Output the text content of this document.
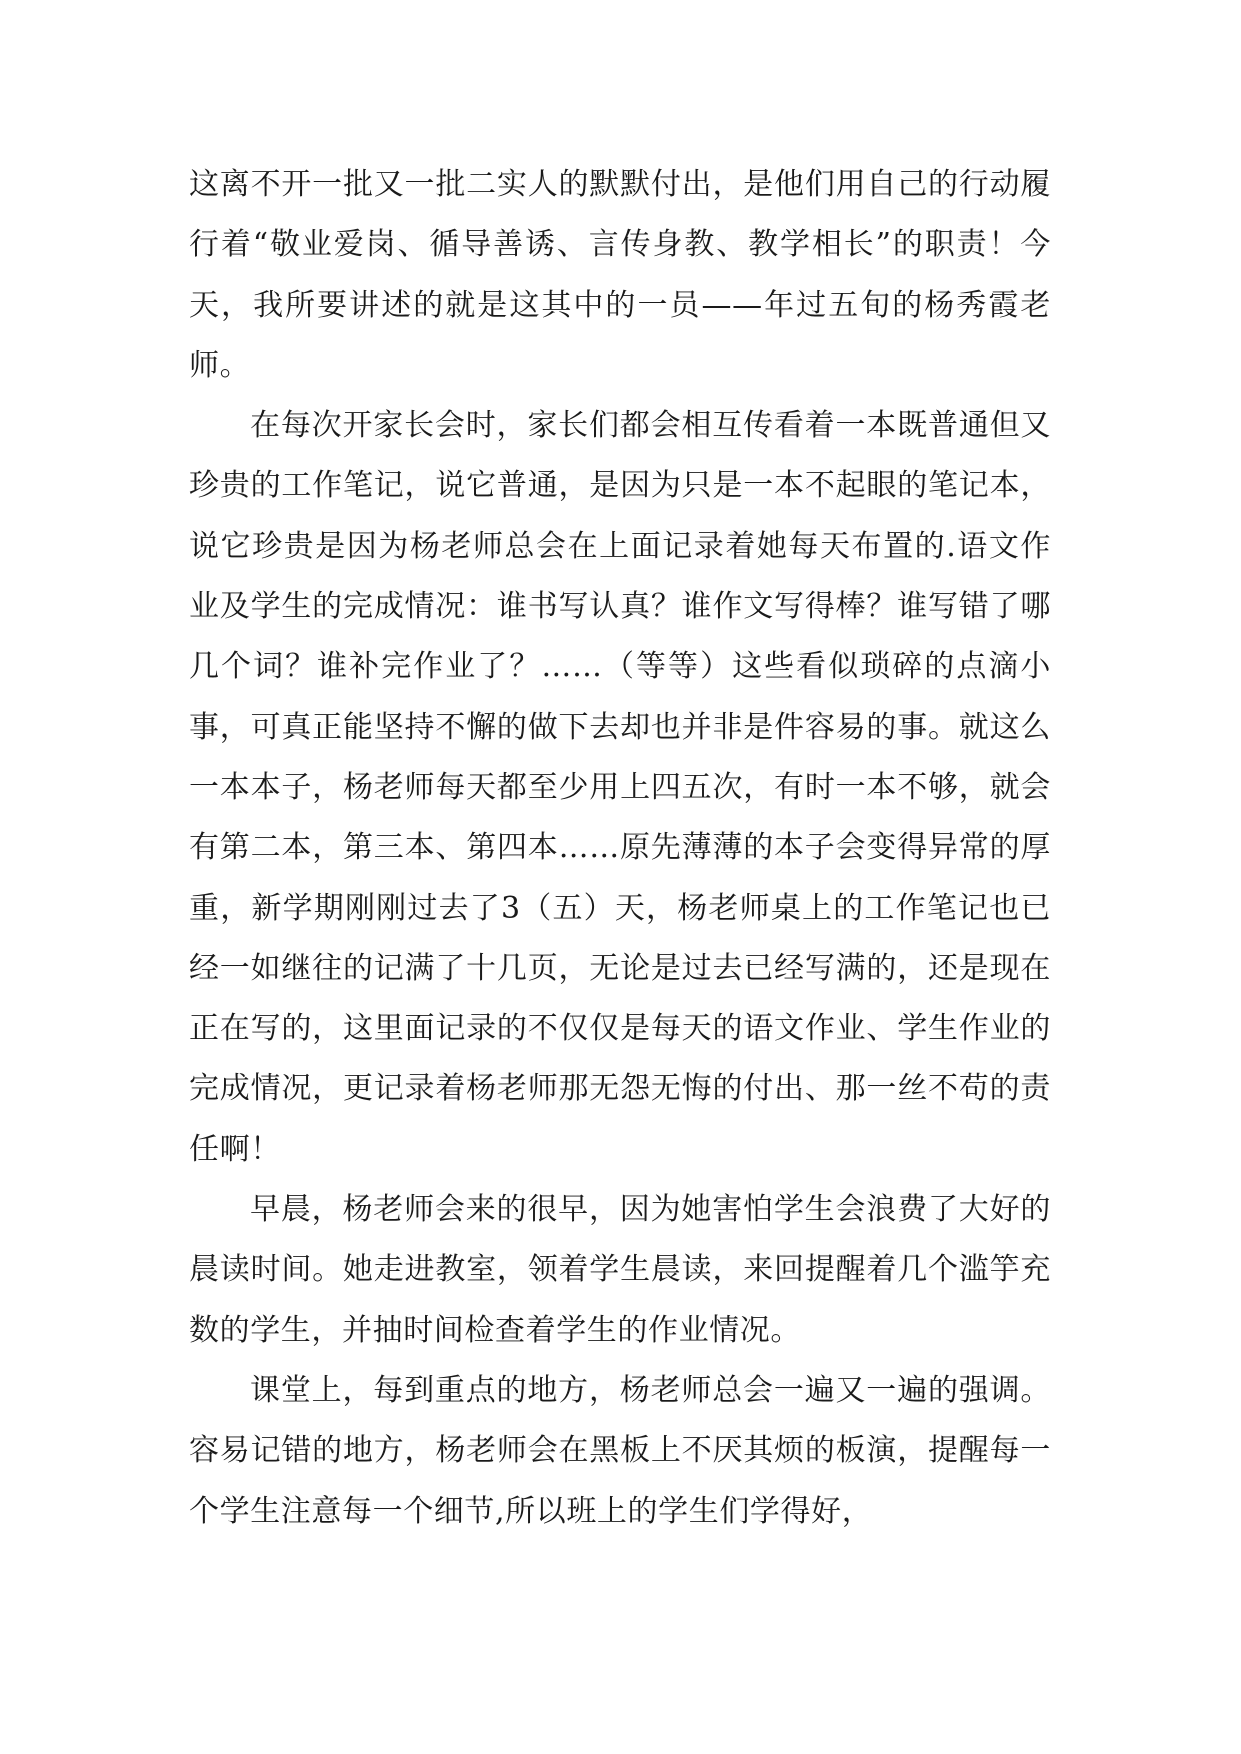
这离不开一批又一批二实人的默默付出，是他们用自己的行动履行着“敬业爱岗、循导善诱、言传身教、教学相长”的职责！今天，我所要讲述的就是这其中的一员——年过五旬的杨秀霞老师。

在每次开家长会时，家长们都会相互传看着一本既普通但又珍贵的工作笔记，说它普通，是因为只是一本不起眼的笔记本，说它珍贵是因为杨老师总会在上面记录着她每天布置的.语文作业及学生的完成情况：谁书写认真？谁作文写得棒？谁写错了哪几个词？谁补完作业了？……（等等）这些看似琐碎的点滴小事，可真正能坚持不懈的做下去却也并非是件容易的事。就这么一本本子，杨老师每天都至少用上四五次，有时一本不够，就会有第二本，第三本、第四本……原先薄薄的本子会变得异常的厚重，新学期刚刚过去了3（五）天，杨老师桌上的工作笔记也已经一如继往的记满了十几页，无论是过去已经写满的，还是现在正在写的，这里面记录的不仅仅是每天的语文作业、学生作业的完成情况，更记录着杨老师那无怨无悔的付出、那一丝不苟的责任啊！

早晨，杨老师会来的很早，因为她害怕学生会浪费了大好的晨读时间。她走进教室，领着学生晨读，来回提醒着几个滥竽充数的学生，并抽时间检查着学生的作业情况。

课堂上，每到重点的地方，杨老师总会一遍又一遍的强调。容易记错的地方，杨老师会在黑板上不厌其烦的板演，提醒每一个学生注意每一个细节,所以班上的学生们学得好，
